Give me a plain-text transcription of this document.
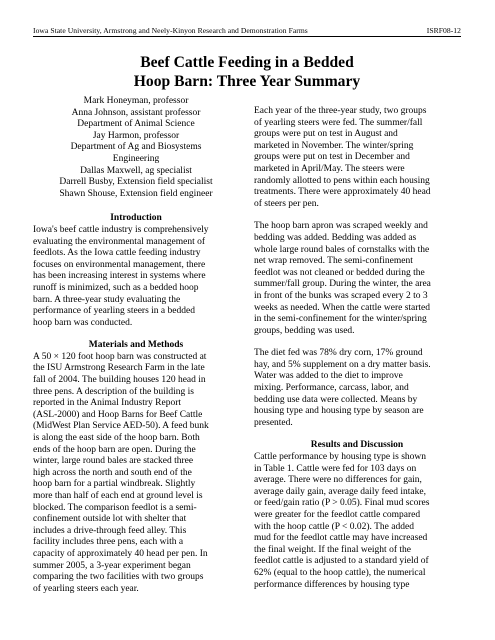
Iowa State University, Armstrong and Neely-Kinyon Research and Demonstration Farms	ISRF08-12
Beef Cattle Feeding in a Bedded
Hoop Barn: Three Year Summary
Mark Honeyman, professor
Anna Johnson, assistant professor
Department of Animal Science
Jay Harmon, professor
Department of Ag and Biosystems
Engineering
Dallas Maxwell, ag specialist
Darrell Busby, Extension field specialist
Shawn Shouse, Extension field engineer
Introduction

Iowa's beef cattle industry is comprehensively
evaluating the environmental management of
feedlots. As the Iowa cattle feeding industry
focuses on environmental management, there
has been increasing interest in systems where
runoff is minimized, such as a bedded hoop
barn. A three-year study evaluating the
performance of yearling steers in a bedded
hoop barn was conducted.

Materials and Methods

A 50 × 120 foot hoop barn was constructed at
the ISU Armstrong Research Farm in the late
fall of 2004. The building houses 120 head in
three pens. A description of the building is
reported in the Animal Industry Report
(ASL-2000) and Hoop Barns for Beef Cattle
(MidWest Plan Service AED-50). A feed bunk
is along the east side of the hoop barn. Both
ends of the hoop barn are open. During the
winter, large round bales are stacked three
high across the north and south end of the
hoop barn for a partial windbreak. Slightly
more than half of each end at ground level is
blocked. The comparison feedlot is a semi-
confinement outside lot with shelter that
includes a drive-through feed alley. This
facility includes three pens, each with a
capacity of approximately 40 head per pen. In
summer 2005, a 3-year experiment began
comparing the two facilities with two groups
of yearling steers each year.

Each year of the three-year study, two groups
of yearling steers were fed. The summer/fall
groups were put on test in August and
marketed in November. The winter/spring
groups were put on test in December and
marketed in April/May. The steers were
randomly allotted to pens within each housing
treatments. There were approximately 40 head
of steers per pen.

The hoop barn apron was scraped weekly and
bedding was added. Bedding was added as
whole large round bales of cornstalks with the
net wrap removed. The semi-confinement
feedlot was not cleaned or bedded during the
summer/fall group. During the winter, the area
in front of the bunks was scraped every 2 to 3
weeks as needed. When the cattle were started
in the semi-confinement for the winter/spring
groups, bedding was used.

The diet fed was 78% dry corn, 17% ground
hay, and 5% supplement on a dry matter basis.
Water was added to the diet to improve
mixing. Performance, carcass, labor, and
bedding use data were collected. Means by
housing type and housing type by season are
presented.

Results and Discussion

Cattle performance by housing type is shown
in Table 1. Cattle were fed for 103 days on
average. There were no differences for gain,
average daily gain, average daily feed intake,
or feed/gain ratio (P > 0.05). Final mud scores
were greater for the feedlot cattle compared
with the hoop cattle (P < 0.02). The added
mud for the feedlot cattle may have increased
the final weight. If the final weight of the
feedlot cattle is adjusted to a standard yield of
62% (equal to the hoop cattle), the numerical
performance differences by housing type
